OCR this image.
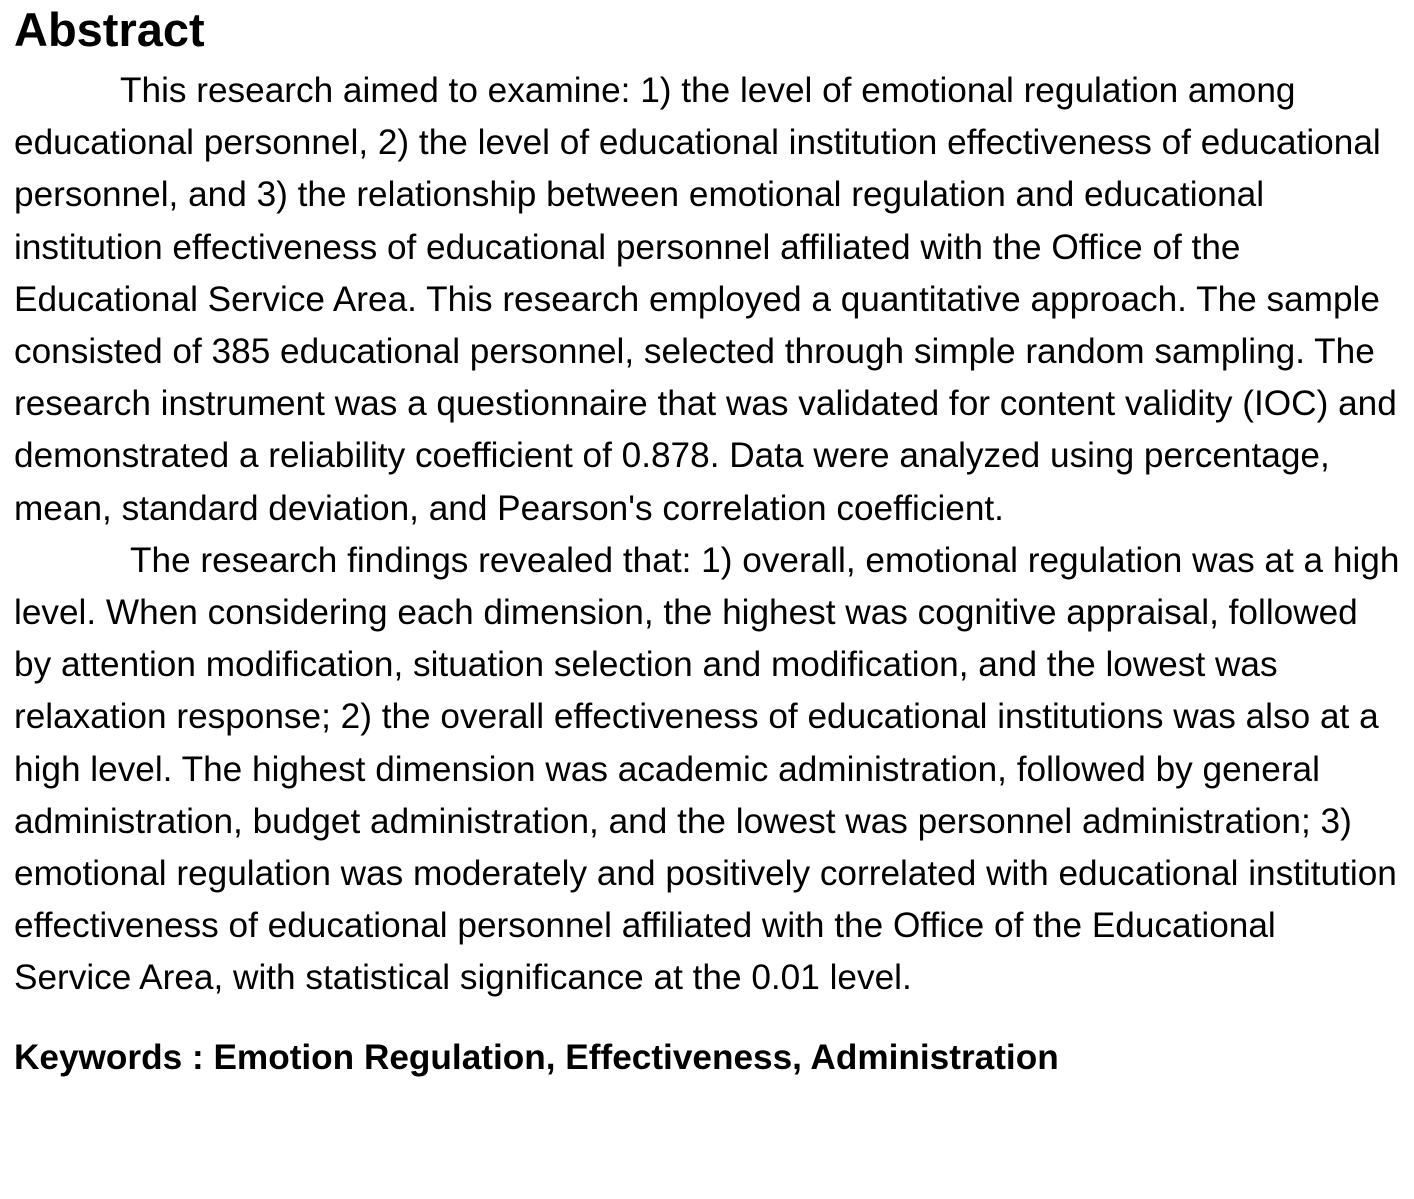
Abstract

This research aimed to examine: 1) the level of emotional regulation among educational personnel, 2) the level of educational institution effectiveness of educational personnel, and 3) the relationship between emotional regulation and educational institution effectiveness of educational personnel affiliated with the Office of the Educational Service Area. This research employed a quantitative approach. The sample consisted of 385 educational personnel, selected through simple random sampling. The research instrument was a questionnaire that was validated for content validity (IOC) and demonstrated a reliability coefficient of 0.878. Data were analyzed using percentage, mean, standard deviation, and Pearson's correlation coefficient.

The research findings revealed that: 1) overall, emotional regulation was at a high level. When considering each dimension, the highest was cognitive appraisal, followed by attention modification, situation selection and modification, and the lowest was relaxation response; 2) the overall effectiveness of educational institutions was also at a high level. The highest dimension was academic administration, followed by general administration, budget administration, and the lowest was personnel administration; 3) emotional regulation was moderately and positively correlated with educational institution effectiveness of educational personnel affiliated with the Office of the Educational Service Area, with statistical significance at the 0.01 level.

Keywords : Emotion Regulation, Effectiveness, Administration
